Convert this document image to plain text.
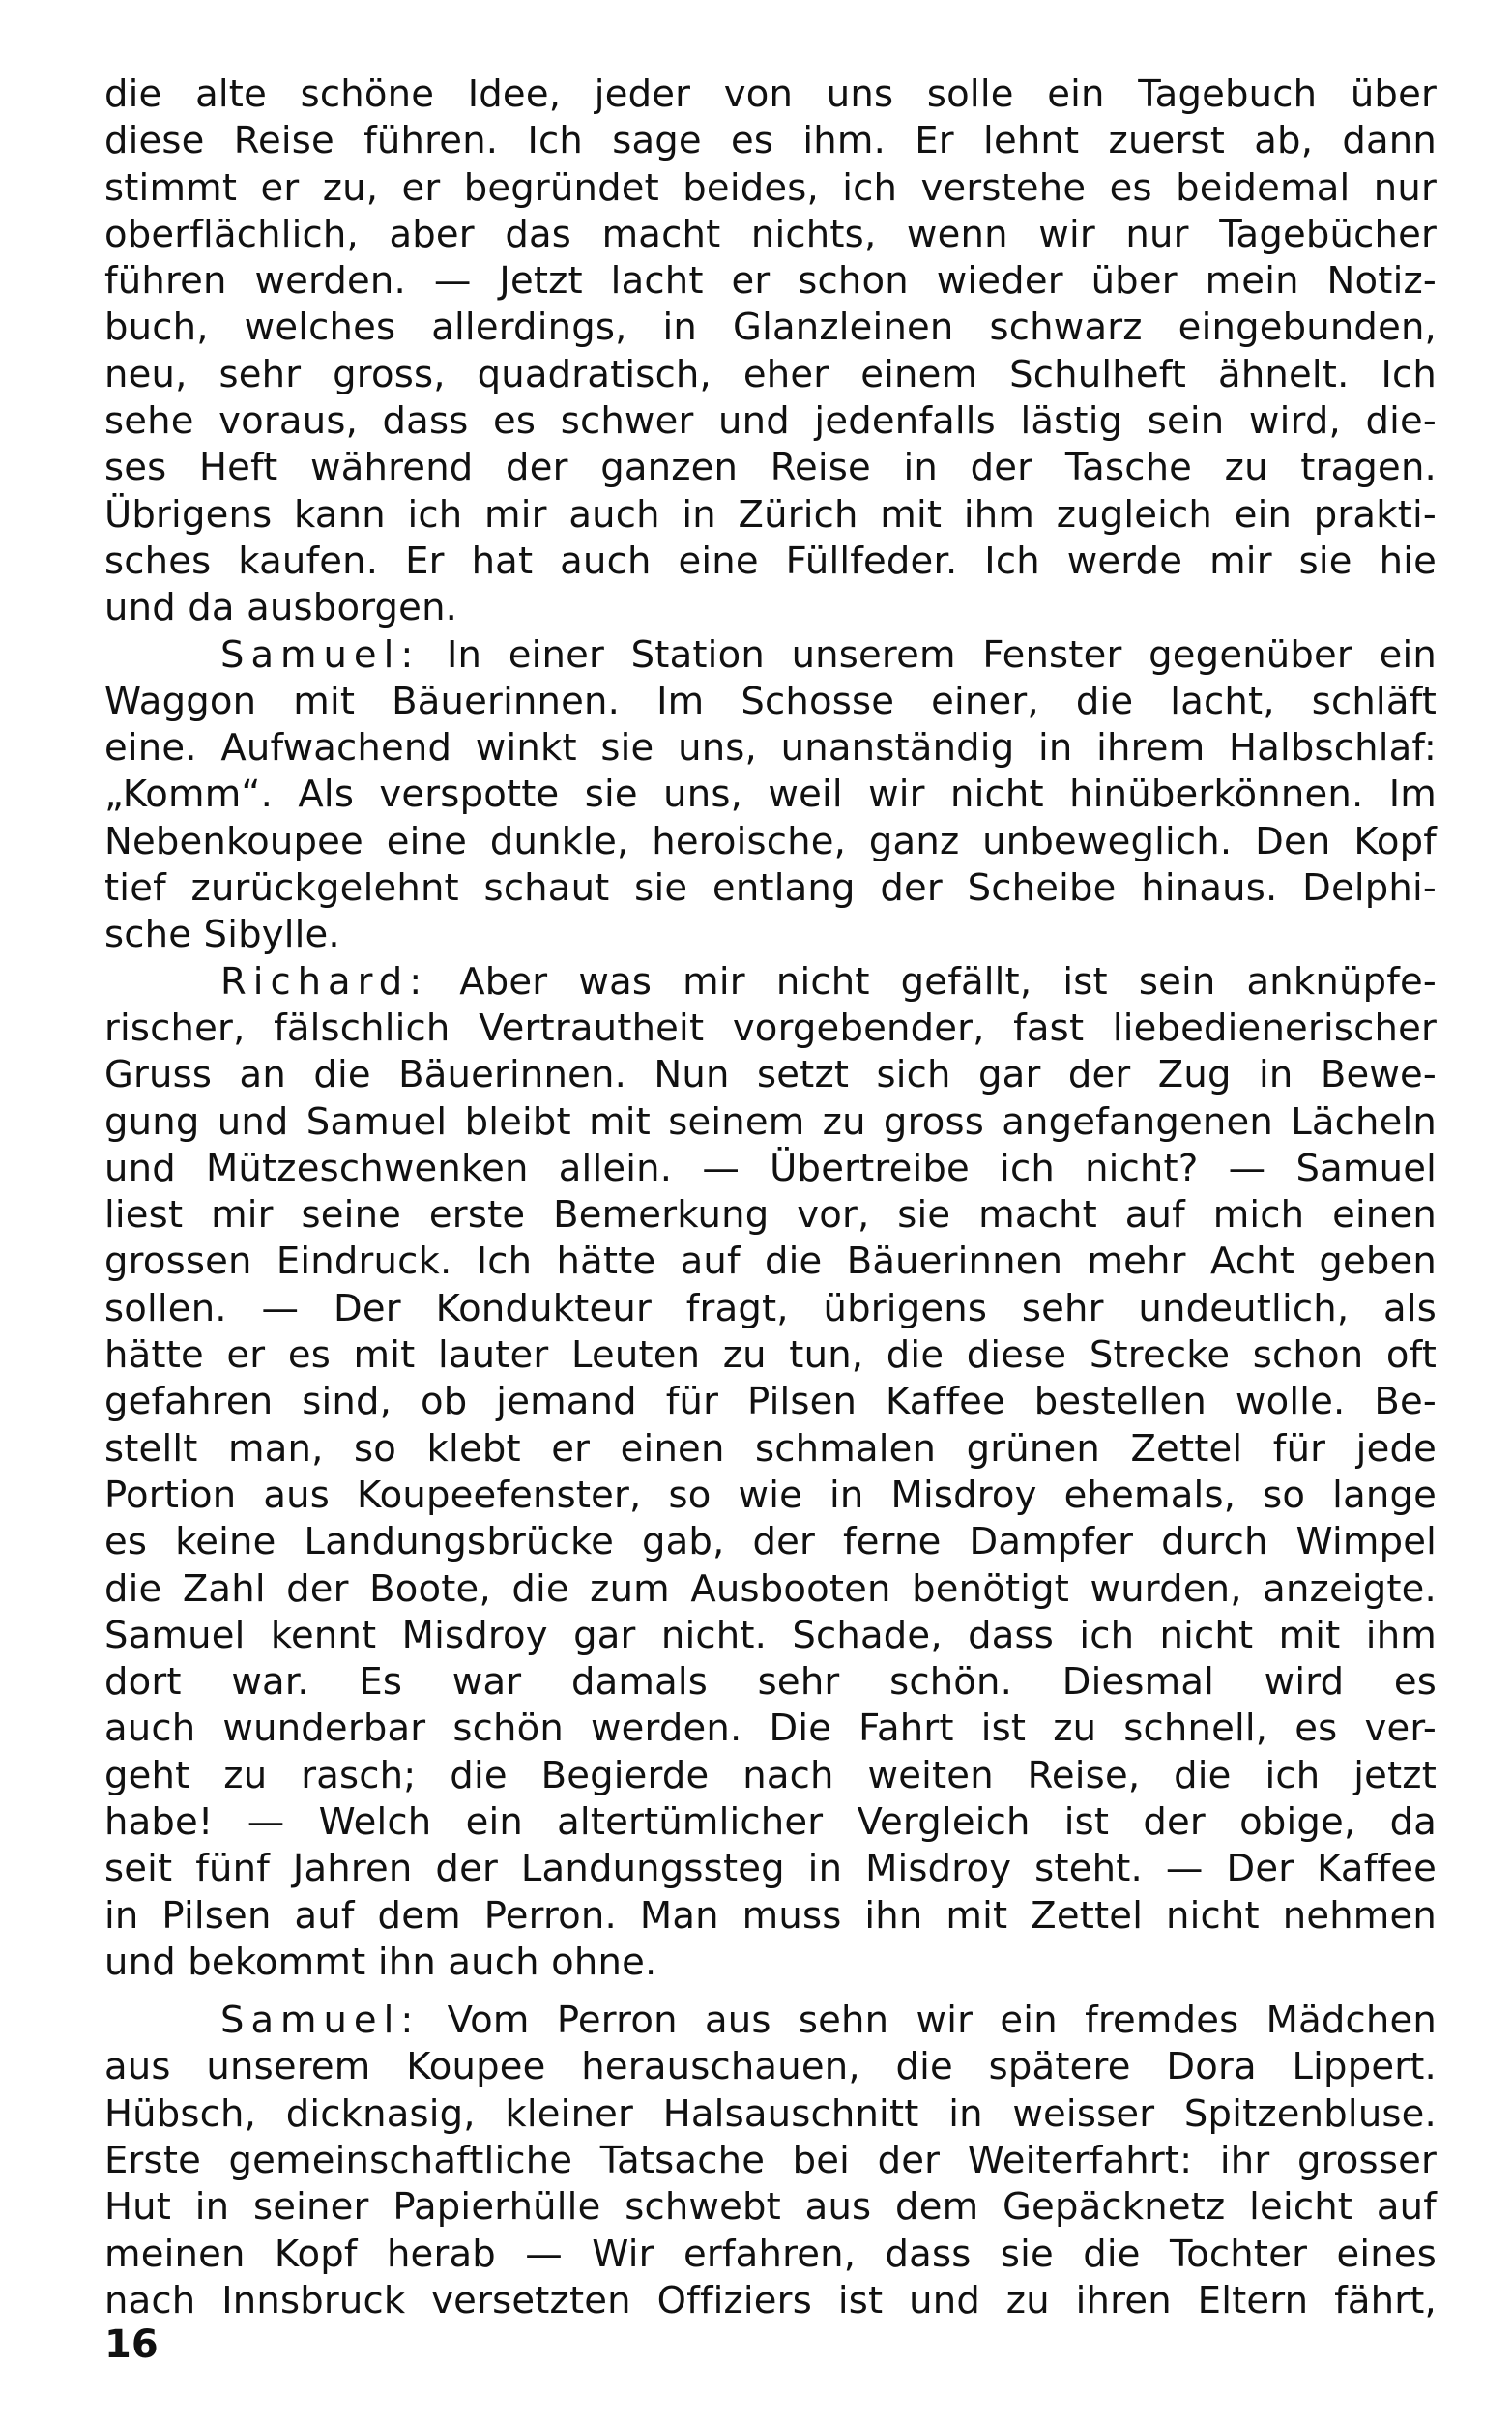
die alte schöne Idee, jeder von uns solle ein Tagebuch über
diese Reise führen. Ich sage es ihm. Er lehnt zuerst ab, dann
stimmt er zu, er begründet beides, ich verstehe es beidemal nur
oberflächlich, aber das macht nichts, wenn wir nur Tagebücher
führen werden. — Jetzt lacht er schon wieder über mein Notiz-
buch, welches allerdings, in Glanzleinen schwarz eingebunden,
neu, sehr gross, quadratisch, eher einem Schulheft ähnelt. Ich
sehe voraus, dass es schwer und jedenfalls lästig sein wird, die-
ses Heft während der ganzen Reise in der Tasche zu tragen.
Übrigens kann ich mir auch in Zürich mit ihm zugleich ein prakti-
sches kaufen. Er hat auch eine Füllfeder. Ich werde mir sie hie
und da ausborgen.
Samuel: In einer Station unserem Fenster gegenüber ein
Waggon mit Bäuerinnen. Im Schosse einer, die lacht, schläft
eine. Aufwachend winkt sie uns, unanständig in ihrem Halbschlaf:
„Komm“. Als verspotte sie uns, weil wir nicht hinüberkönnen. Im
Nebenkoupee eine dunkle, heroische, ganz unbeweglich. Den Kopf
tief zurückgelehnt schaut sie entlang der Scheibe hinaus. Delphi-
sche Sibylle.
Richard: Aber was mir nicht gefällt, ist sein anknüpfe-
rischer, fälschlich Vertrautheit vorgebender, fast liebedienerischer
Gruss an die Bäuerinnen. Nun setzt sich gar der Zug in Bewe-
gung und Samuel bleibt mit seinem zu gross angefangenen Lächeln
und Mützeschwenken allein. — Übertreibe ich nicht? — Samuel
liest mir seine erste Bemerkung vor, sie macht auf mich einen
grossen Eindruck. Ich hätte auf die Bäuerinnen mehr Acht geben
sollen. — Der Kondukteur fragt, übrigens sehr undeutlich, als
hätte er es mit lauter Leuten zu tun, die diese Strecke schon oft
gefahren sind, ob jemand für Pilsen Kaffee bestellen wolle. Be-
stellt man, so klebt er einen schmalen grünen Zettel für jede
Portion aus Koupeefenster, so wie in Misdroy ehemals, so lange
es keine Landungsbrücke gab, der ferne Dampfer durch Wimpel
die Zahl der Boote, die zum Ausbooten benötigt wurden, anzeigte.
Samuel kennt Misdroy gar nicht. Schade, dass ich nicht mit ihm
dort war. Es war damals sehr schön. Diesmal wird es
auch wunderbar schön werden. Die Fahrt ist zu schnell, es ver-
geht zu rasch; die Begierde nach weiten Reise, die ich jetzt
habe! — Welch ein altertümlicher Vergleich ist der obige, da
seit fünf Jahren der Landungssteg in Misdroy steht. — Der Kaffee
in Pilsen auf dem Perron. Man muss ihn mit Zettel nicht nehmen
und bekommt ihn auch ohne.
Samuel: Vom Perron aus sehn wir ein fremdes Mädchen
aus unserem Koupee herauschauen, die spätere Dora Lippert.
Hübsch, dicknasig, kleiner Halsauschnitt in weisser Spitzenbluse.
Erste gemeinschaftliche Tatsache bei der Weiterfahrt: ihr grosser
Hut in seiner Papierhülle schwebt aus dem Gepäcknetz leicht auf
meinen Kopf herab — Wir erfahren, dass sie die Tochter eines
nach Innsbruck versetzten Offiziers ist und zu ihren Eltern fährt,
16
